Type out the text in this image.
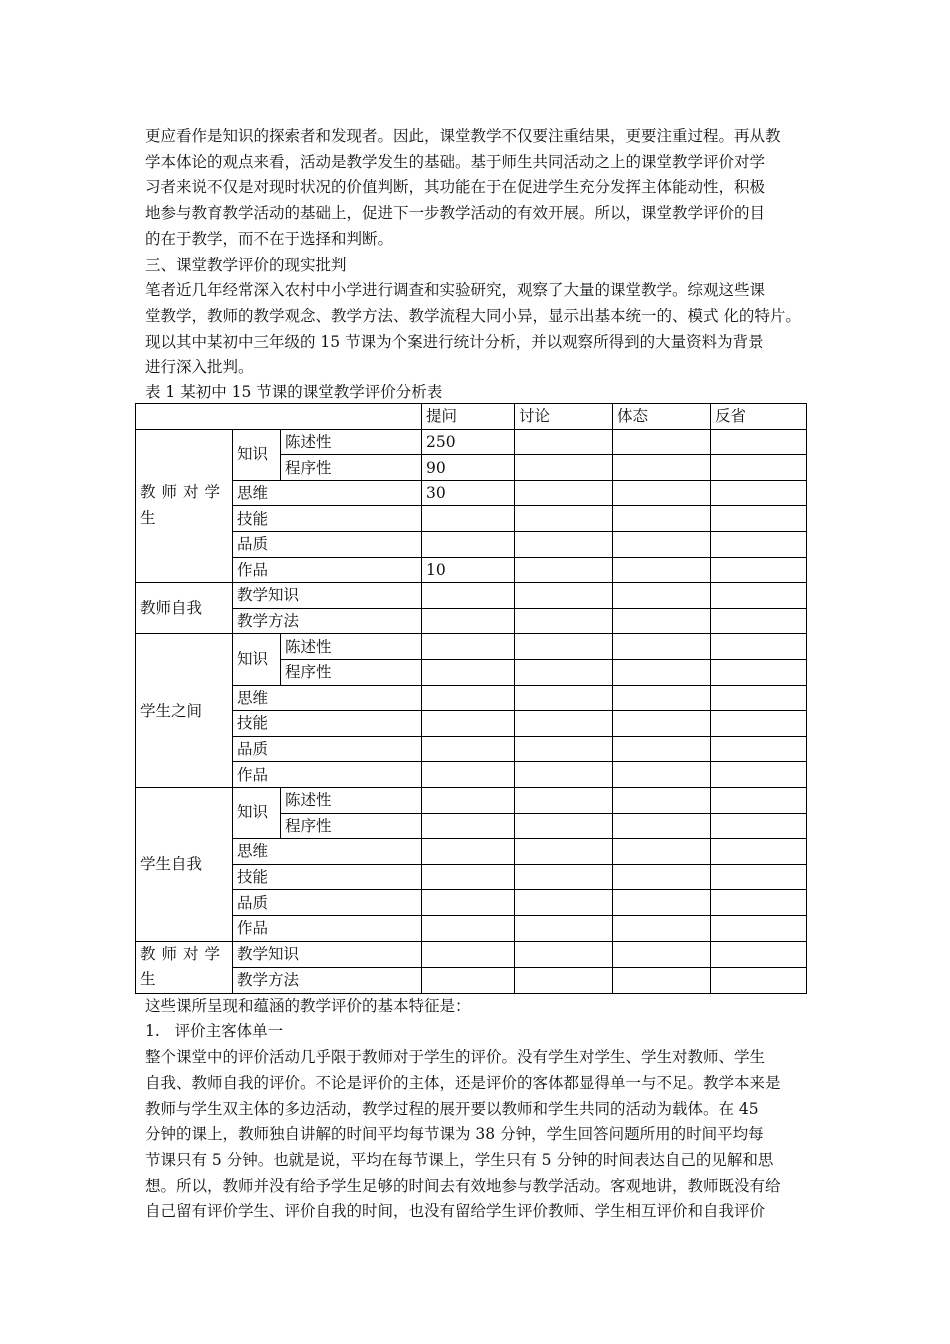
更应看作是知识的探索者和发现者。因此，课堂教学不仅要注重结果，更要注重过程。再从教
学本体论的观点来看，活动是教学发生的基础。基于师生共同活动之上的课堂教学评价对学
习者来说不仅是对现时状况的价值判断，其功能在于在促进学生充分发挥主体能动性，积极
地参与教育教学活动的基础上，促进下一步教学活动的有效开展。所以，课堂教学评价的目
的在于教学，而不在于选择和判断。

三、课堂教学评价的现实批判

笔者近几年经常深入农村中小学进行调查和实验研究，观察了大量的课堂教学。综观这些课
堂教学，教师的教学观念、教学方法、教学流程大同小异，显示出基本统一的、模式 化的特片。
现以其中某初中三年级的 15 节课为个案进行统计分析，并以观察所得到的大量资料为背景
进行深入批判。

表 1 某初中 15 节课的课堂教学评价分析表

			提问	讨论	体态	反省	
教师对学生	知识	陈述性	250				
		程序性	90				
	思维		30				
	技能						
	品质						
	作品		10				
教师自我	教学知识						
	教学方法						
学生之间	知识	陈述性					
		程序性					
	思维						
	技能						
	品质						
	作品						
学生自我	知识	陈述性					
		程序性					
	思维						
	技能						
	品质						
	作品						
教师对学生	教学知识						
	教学方法						

这些课所呈现和蕴涵的教学评价的基本特征是：

1.   评价主客体单一

整个课堂中的评价活动几乎限于教师对于学生的评价。没有学生对学生、学生对教师、学生
自我、教师自我的评价。不论是评价的主体，还是评价的客体都显得单一与不足。教学本来是
教师与学生双主体的多边活动，教学过程的展开要以教师和学生共同的活动为载体。在 45
分钟的课上，教师独自讲解的时间平均每节课为 38 分钟，学生回答问题所用的时间平均每
节课只有 5 分钟。也就是说，平均在每节课上，学生只有 5 分钟的时间表达自己的见解和思
想。所以，教师并没有给予学生足够的时间去有效地参与教学活动。客观地讲，教师既没有给
自己留有评价学生、评价自我的时间，也没有留给学生评价教师、学生相互评价和自我评价
